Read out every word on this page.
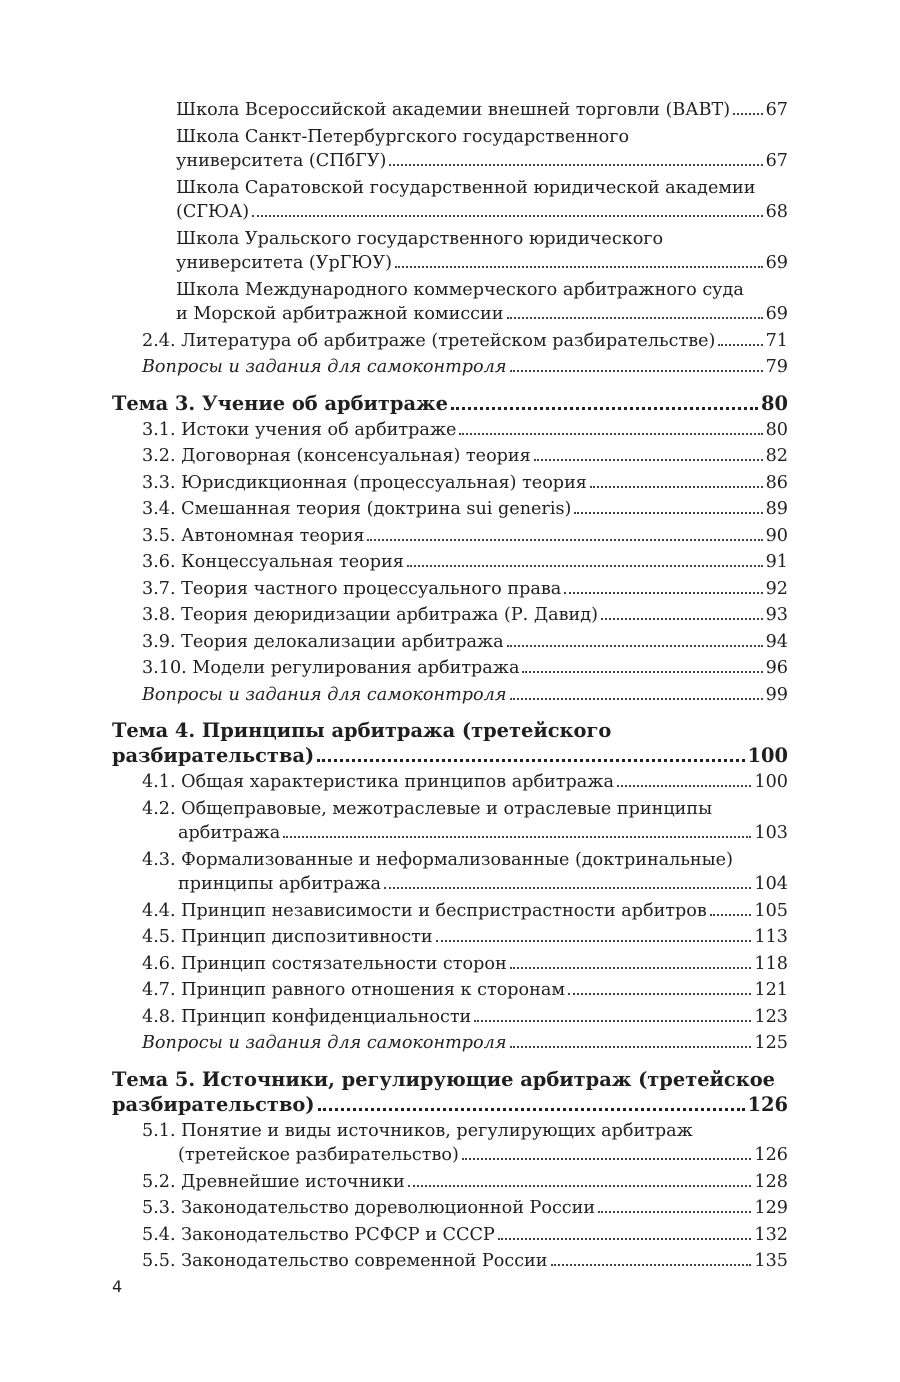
Школа Всероссийской академии внешней торговли (ВАВТ) 67
Школа Санкт-Петербургского государственного
университета (СПбГУ)	67
Школа Саратовской государственной юридической академии
(СГЮА)	68
Школа Уральского государственного юридического
университета (УрГЮУ)	69
Школа Международного коммерческого арбитражного суда
и Морской арбитражной комиссии	69
2.4. Литература об арбитраже (третейском разбирательстве)	71
Вопросы и задания для самоконтроля	79
Тема 3. Учение об арбитраже	80
3.1. Истоки учения об арбитраже	80
3.2. Договорная (консенсуальная) теория	82
3.3. Юрисдикционная (процессуальная) теория	86
3.4. Смешанная теория (доктрина sui generis)	89
3.5. Автономная теория	90
3.6. Концессуальная теория	91
3.7. Теория частного процессуального права	92
3.8. Теория деюридизации арбитража (Р. Давид)	93
3.9. Теория делокализации арбитража	94
3.10. Модели регулирования арбитража	96
Вопросы и задания для самоконтроля	99
Тема 4. Принципы арбитража (третейского
разбирательства)	100
4.1. Общая характеристика принципов арбитража	100
4.2. Общеправовые, межотраслевые и отраслевые принципы
арбитража	103
4.3. Формализованные и неформализованные (доктринальные)
принципы арбитража	104
4.4. Принцип независимости и беспристрастности арбитров	105
4.5. Принцип диспозитивности	113
4.6. Принцип состязательности сторон	118
4.7. Принцип равного отношения к сторонам	121
4.8. Принцип конфиденциальности	123
Вопросы и задания для самоконтроля	125
Тема 5. Источники, регулирующие арбитраж (третейское
разбирательство)	126
5.1. Понятие и виды источников, регулирующих арбитраж
(третейское разбирательство)	126
5.2. Древнейшие источники	128
5.3. Законодательство дореволюционной России	129
5.4. Законодательство РСФСР и СССР	132
5.5. Законодательство современной России	135
4
